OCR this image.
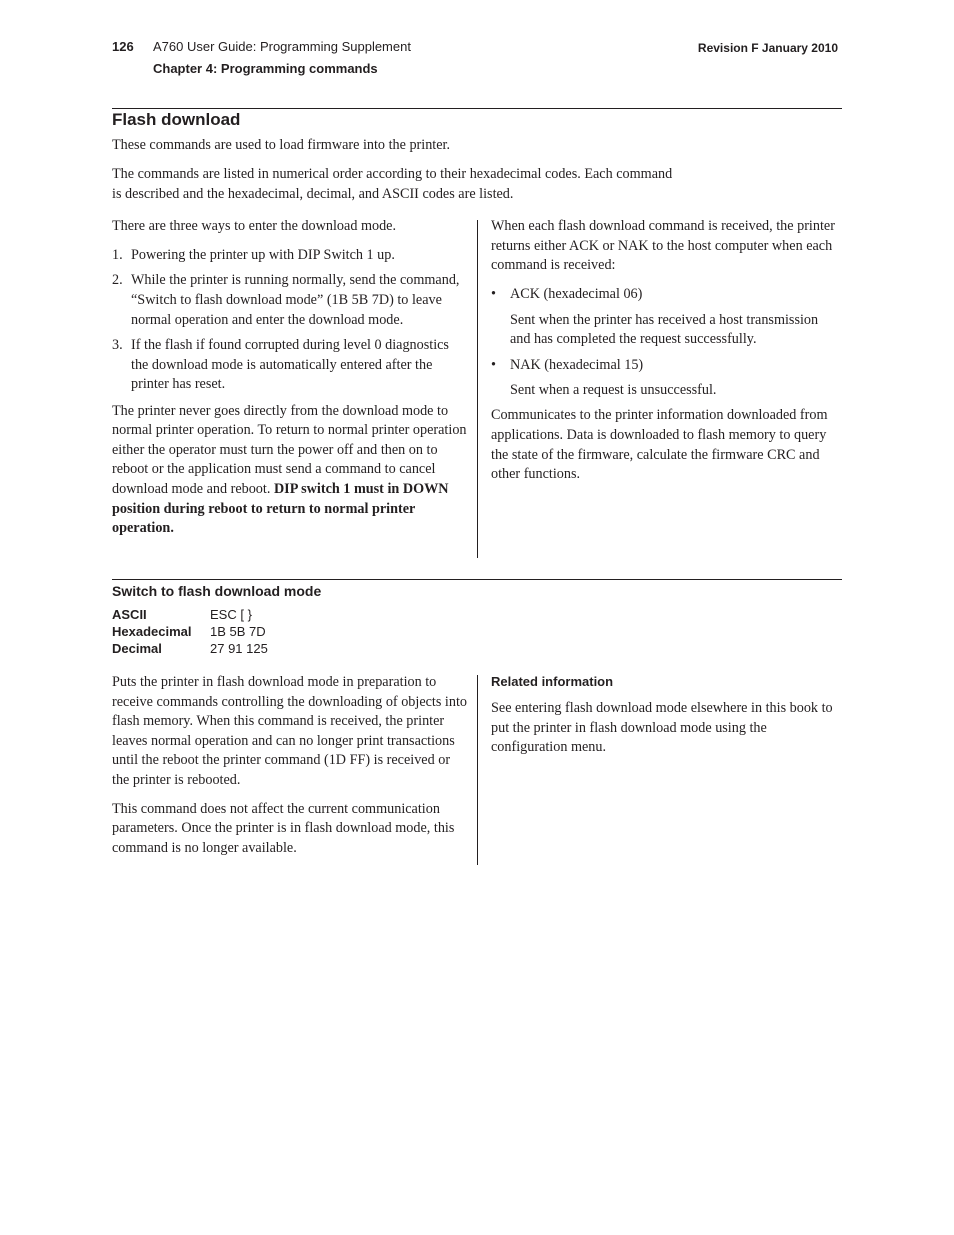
126 A760 User Guide: Programming Supplement
Chapter 4: Programming commands
Revision F January 2010
Flash download

These commands are used to load firmware into the printer.

The commands are listed in numerical order according to their hexadecimal codes. Each command
is described and the hexadecimal, decimal, and ASCII codes are listed.

There are three ways to enter the download mode.

1. Powering the printer up with DIP Switch 1 up.
2. While the printer is running normally, send the command, “Switch to flash download mode” (1B 5B 7D) to leave normal operation and enter the download mode.
3. If the flash if found corrupted during level 0 diagnostics the download mode is automatically entered after the printer has reset.

The printer never goes directly from the download mode to normal printer operation. To return to normal printer operation either the operator must turn the power off and then on to reboot or the application must send a command to cancel download mode and reboot. DIP switch 1 must in DOWN position during reboot to return to normal printer operation.

When each flash download command is received, the printer returns either ACK or NAK to the host computer when each command is received:

• ACK (hexadecimal 06)
Sent when the printer has received a host transmission and has completed the request successfully.
• NAK (hexadecimal 15)
Sent when a request is unsuccessful.

Communicates to the printer information downloaded from applications. Data is downloaded to flash memory to query the state of the firmware, calculate the firmware CRC and other functions.

Switch to flash download mode
ASCII	ESC [ }
Hexadecimal	1B 5B 7D
Decimal	27 91 125

Puts the printer in flash download mode in preparation to receive commands controlling the downloading of objects into flash memory. When this command is received, the printer leaves normal operation and can no longer print transactions until the reboot the printer command (1D FF) is received or the printer is rebooted.

This command does not affect the current communication parameters. Once the printer is in flash download mode, this command is no longer available.

Related information

See entering flash download mode elsewhere in this book to put the printer in flash download mode using the configuration menu.
